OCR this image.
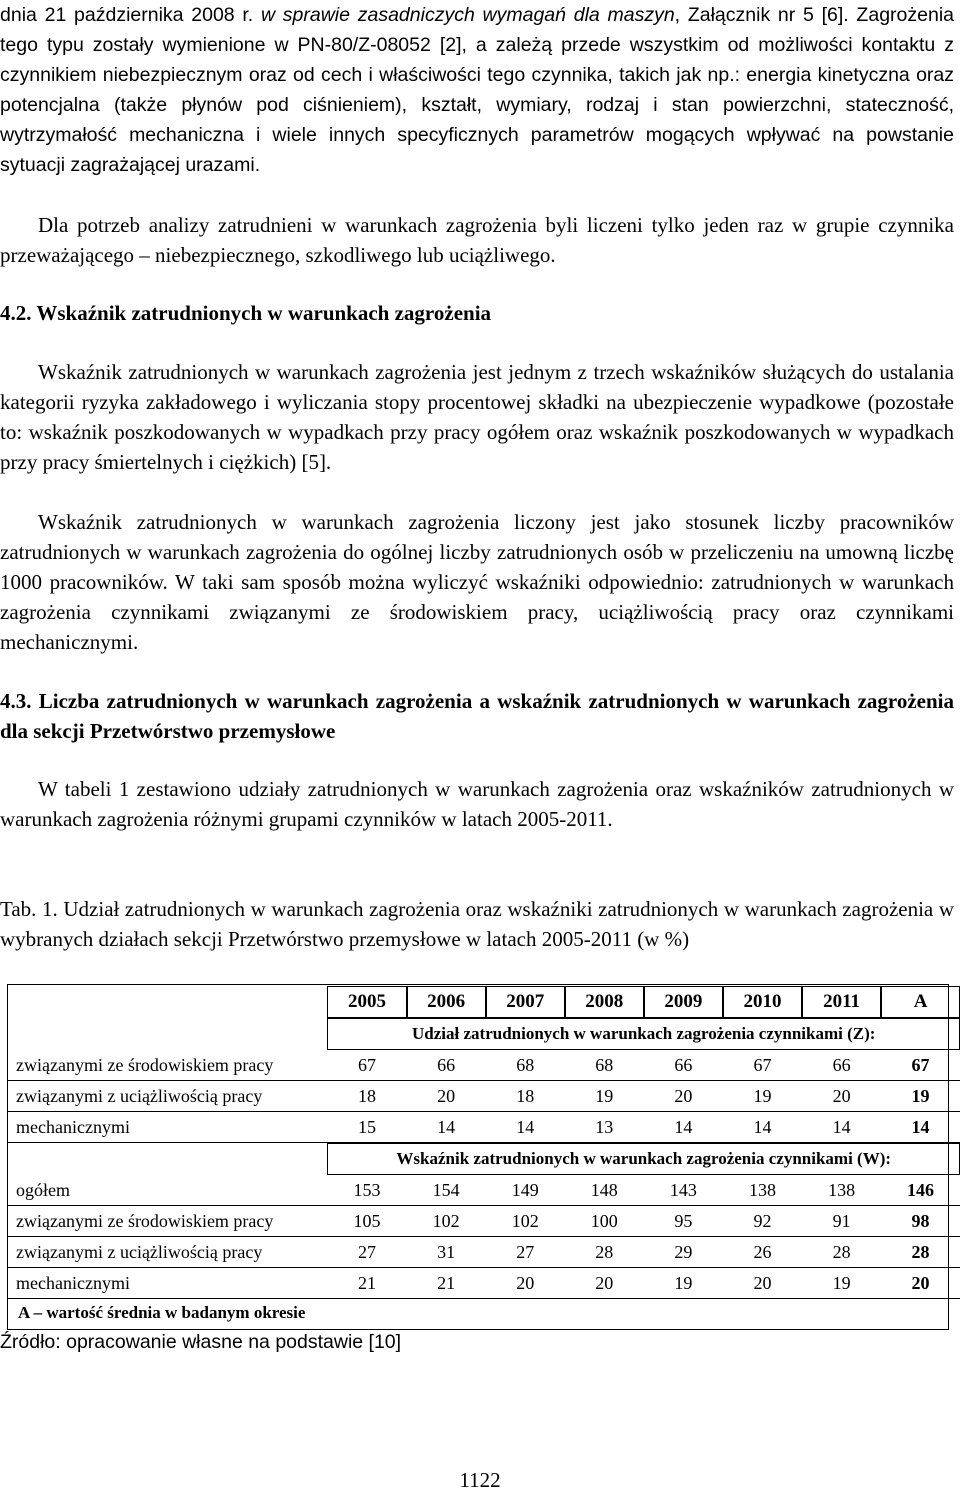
dnia 21 października 2008 r. w sprawie zasadniczych wymagań dla maszyn, Załącznik nr 5 [6]. Zagrożenia tego typu zostały wymienione w PN-80/Z-08052 [2], a zależą przede wszystkim od możliwości kontaktu z czynnikiem niebezpiecznym oraz od cech i właściwości tego czynnika, takich jak np.: energia kinetyczna oraz potencjalna (także płynów pod ciśnieniem), kształt, wymiary, rodzaj i stan powierzchni, stateczność, wytrzymałość mechaniczna i wiele innych specyficznych parametrów mogących wpływać na powstanie sytuacji zagrażającej urazami.

Dla potrzeb analizy zatrudnieni w warunkach zagrożenia byli liczeni tylko jeden raz w grupie czynnika przeważającego – niebezpiecznego, szkodliwego lub uciążliwego.

4.2. Wskaźnik zatrudnionych w warunkach zagrożenia

Wskaźnik zatrudnionych w warunkach zagrożenia jest jednym z trzech wskaźników służących do ustalania kategorii ryzyka zakładowego i wyliczania stopy procentowej składki na ubezpieczenie wypadkowe (pozostałe to: wskaźnik poszkodowanych w wypadkach przy pracy ogółem oraz wskaźnik poszkodowanych w wypadkach przy pracy śmiertelnych i ciężkich) [5].

Wskaźnik zatrudnionych w warunkach zagrożenia liczony jest jako stosunek liczby pracowników zatrudnionych w warunkach zagrożenia do ogólnej liczby zatrudnionych osób w przeliczeniu na umowną liczbę 1000 pracowników. W taki sam sposób można wyliczyć wskaźniki odpowiednio: zatrudnionych w warunkach zagrożenia czynnikami związanymi ze środowiskiem pracy, uciążliwością pracy oraz czynnikami mechanicznymi.

4.3. Liczba zatrudnionych w warunkach zagrożenia a wskaźnik zatrudnionych w warunkach zagrożenia dla sekcji Przetwórstwo przemysłowe

W tabeli 1 zestawiono udziały zatrudnionych w warunkach zagrożenia oraz wskaźników zatrudnionych w warunkach zagrożenia różnymi grupami czynników w latach 2005-2011.

Tab. 1. Udział zatrudnionych w warunkach zagrożenia oraz wskaźniki zatrudnionych w warunkach zagrożenia w wybranych działach sekcji Przetwórstwo przemysłowe w latach 2005-2011 (w %)

	2005	2006	2007	2008	2009	2010	2011	A
	Udział zatrudnionych w warunkach zagrożenia czynnikami (Z):							
związanymi ze środowiskiem pracy	67	66	68	68	66	67	66	67
związanymi z uciążliwością pracy	18	20	18	19	20	19	20	19
mechanicznymi	15	14	14	13	14	14	14	14
	Wskaźnik zatrudnionych w warunkach zagrożenia czynnikami (W):							
ogółem	153	154	149	148	143	138	138	146
związanymi ze środowiskiem pracy	105	102	102	100	95	92	91	98
związanymi z uciążliwością pracy	27	31	27	28	29	26	28	28
mechanicznymi	21	21	20	20	19	20	19	20
A – wartość średnia w badanym okresie
Źródło: opracowanie własne na podstawie [10]
1122
